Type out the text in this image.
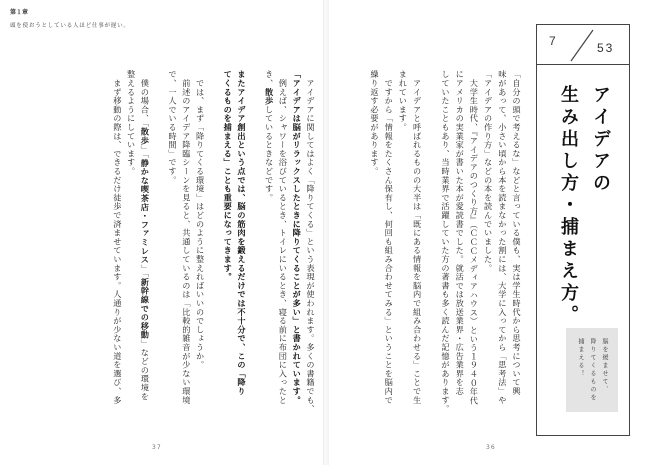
第１章
頭を使おうとしている人ほど仕事が遅い。
　アイデアに関してはよく「降りてくる」という表現が使われます。多くの書籍でも、
「アイデアは脳がリラックスしたときに降りてくることが多い」と書かれています。
　例えば、シャワーを浴びているとき、トイレにいるとき、寝る前に布団に入ったと
き、散歩しているときなどです。
またアイデア創出という点では、脳の筋肉を鍛えるだけでは不十分で、この「降り
てくるものを捕まえる」ことも重要になってきます。
　では、まず「降りてくる環境」はどのように整えればいいのでしょうか。
　前述のアイデア降臨シーンを見ると、共通しているのは「比較的雑音が少ない環境
で、一人でいる時間」です。
　僕の場合、「散歩」「静かな喫茶店・ファミレス」「新幹線での移動」などの環境を
整えるようにしています。
　まず移動の際は、できるだけ徒歩で済ませています。人通りが少ない道を選び、多
37
「自分の頭で考えるな」などと言っている僕も、実は学生時代から思考について興
味があって、小さい頃から本を読まなかった割には、大学に入ってから「思考法」や
「アイデアの作り方」などの本を読んでいました。
　大学生時代、『アイデアのつくり方』（ＣＣＣメディアハウス）という１９４０年代
にアメリカの実業家が書いた本が愛読書でした。就活では放送業界・広告業界を志
していたこともあり、当時業界で活躍していた方の著書も多く読んだ記憶があります。
　アイデアと呼ばれるものの大半は「既にある情報を脳内で組み合わせる」ことで生
まれています。
　ですから「情報をたくさん保有し、何回も組み合わせてみる」ということを脳内で
繰り返す必要があります。
36
7	53
アイデアの
生み出し方・捕まえ方。
脳を緩ませて、
降りてくるものを
捕まえる！
